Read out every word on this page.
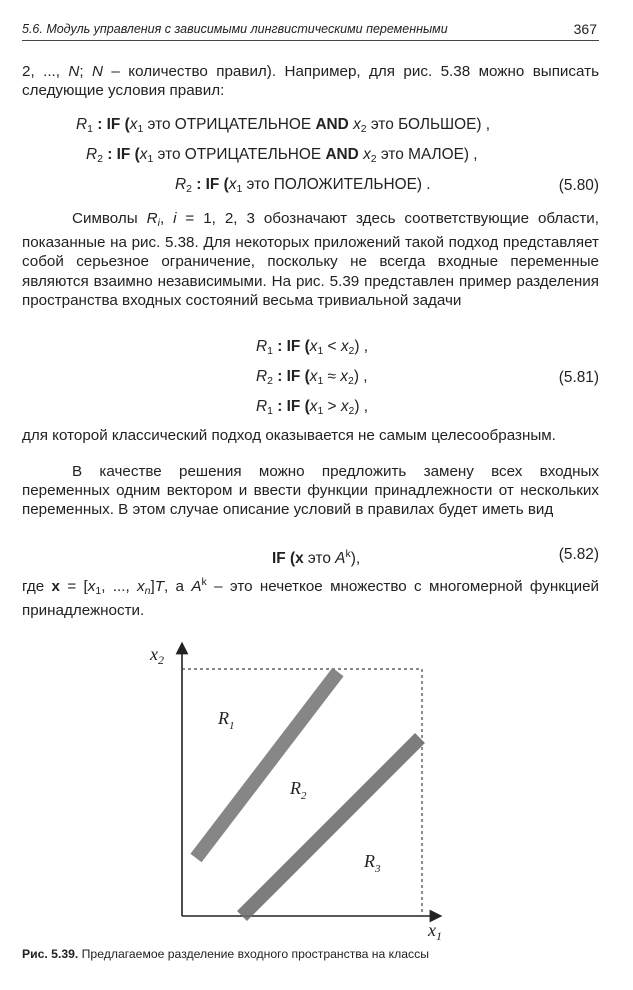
5.6. Модуль управления с зависимыми лингвистическими переменными	367

2, ..., N; N – количество правил). Например, для рис. 5.38 можно выписать следующие условия правил:

$R_1$ : IF ($x_1$ это ОТРИЦАТЕЛЬНОЕ AND $x_2$ это БОЛЬШОЕ) ,
$R_2$ : IF ($x_1$ это ОТРИЦАТЕЛЬНОЕ AND $x_2$ это МАЛОЕ) ,
$R_2$ : IF ($x_1$ это ПОЛОЖИТЕЛЬНОЕ) .	(5.80)

Символы $R_i$, i = 1, 2, 3 обозначают здесь соответствующие области, показанные на рис. 5.38. Для некоторых приложений такой подход представляет собой серьезное ограничение, поскольку не всегда входные переменные являются взаимно независимыми. На рис. 5.39 представлен пример разделения пространства входных состояний весьма тривиальной задачи

$R_1$ : IF $(x_1 < x_2)$ ,
$R_2$ : IF $(x_1 \approx x_2)$ ,
$R_1$ : IF $(x_1 > x_2)$ ,
(5.81)

для которой классический подход оказывается не самым целесообразным.

В качестве решения можно предложить замену всех входных переменных одним вектором и ввести функции принадлежности от нескольких переменных. В этом случае описание условий в правилах будет иметь вид

IF (x это $A^k$),	(5.82)

где $x = [x_1$, ..., $x_n]T$, а $A^k$ – это нечеткое множество с многомерной функцией принадлежности.

$x_2$
$x_1$
$R_1$
$R_2$
$R_3$
Рис. 5.39. Предлагаемое разделение входного пространства на классы
